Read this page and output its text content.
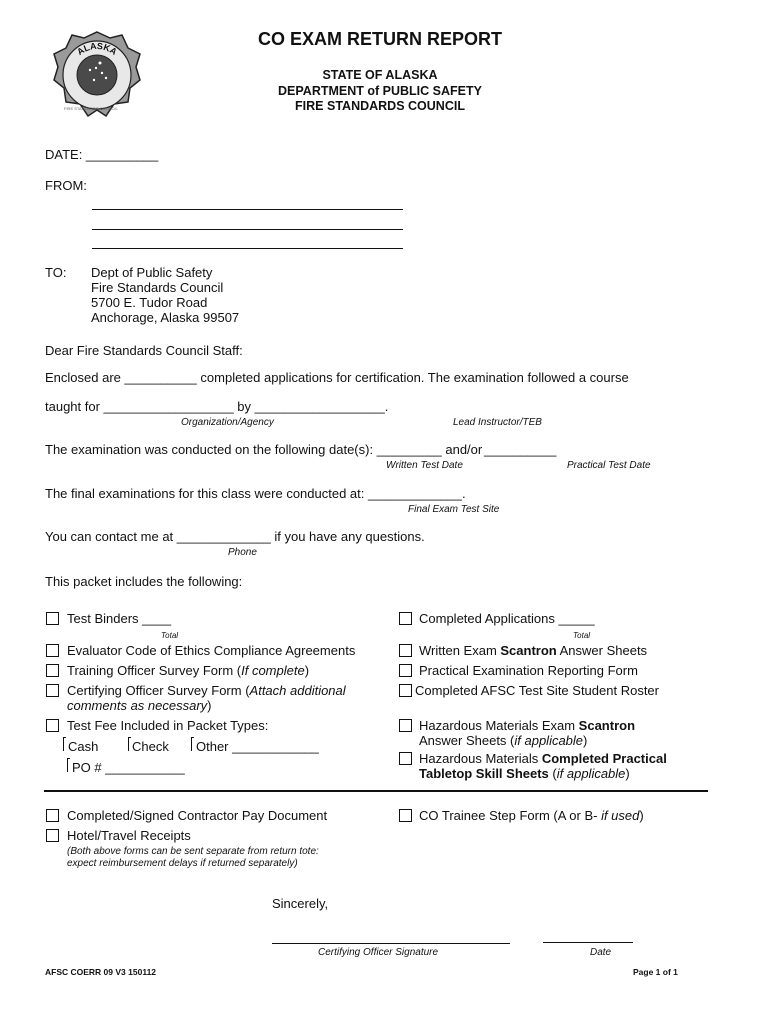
ALASKA
FIRE STANDARDS COUNCIL
CO EXAM RETURN REPORT
STATE OF ALASKA
DEPARTMENT of PUBLIC SAFETY
FIRE STANDARDS COUNCIL
DATE: __________
FROM:
TO: Dept of Public Safety
Fire Standards Council
5700 E. Tudor Road
Anchorage, Alaska 99507
Dear Fire Standards Council Staff:
Enclosed are __________ completed applications for certification. The examination followed a course
taught for __________________ by __________________.
Organization/Agency	Lead Instructor/TEB
The examination was conducted on the following date(s): _________ and/or __________
Written Test Date	Practical Test Date
The final examinations for this class were conducted at: _____________.
Final Exam Test Site
You can contact me at _____________ if you have any questions.
Phone
This packet includes the following:
Test Binders ____
Total
Evaluator Code of Ethics Compliance Agreements
Training Officer Survey Form (If complete)
Certifying Officer Survey Form (Attach additional
comments as necessary)
Test Fee Included in Packet Types:
Cash	Check Other ____________
PO # ___________
Completed Applications _____
Total
Written Exam Scantron Answer Sheets
Practical Examination Reporting Form
Completed AFSC Test Site Student Roster
Hazardous Materials Exam Scantron
Answer Sheets (if applicable)
Hazardous Materials Completed Practical
Tabletop Skill Sheets (if applicable)
Completed/Signed Contractor Pay Document
Hotel/Travel Receipts
(Both above forms can be sent separate from return tote:
expect reimbursement delays if returned separately)
CO Trainee Step Form (A or B- if used)
Sincerely,
Certifying Officer Signature	Date
AFSC COERR 09 V3 150112	Page 1 of 1
